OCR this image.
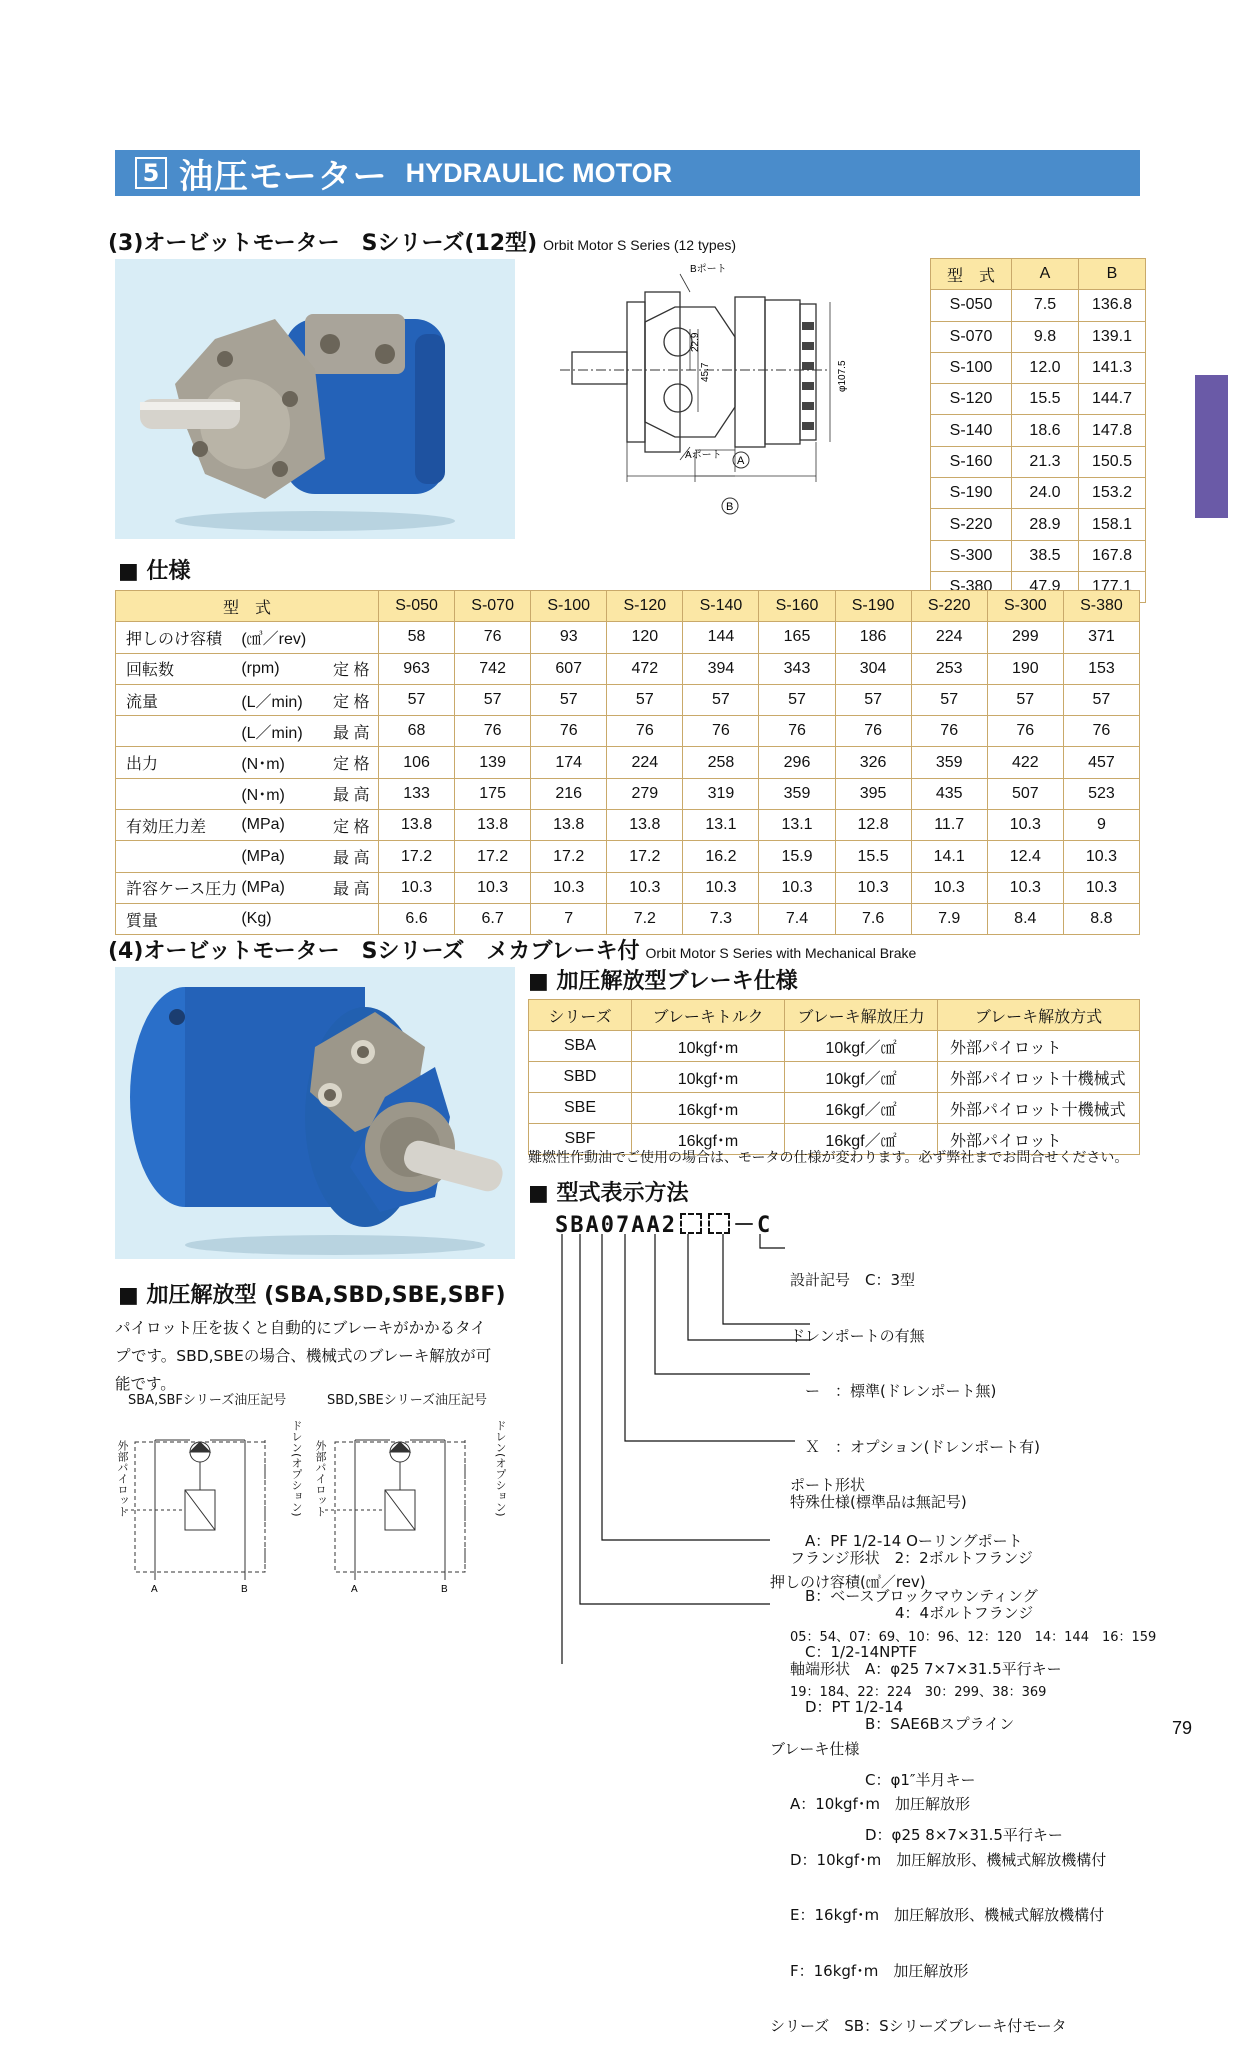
5 油圧モーター HYDRAULIC MOTOR
(3)オービットモーター　Sシリーズ(12型) Orbit Motor S Series (12 types)
Bポート
Aポート
22.9
45.7	φ107.5
A
B
型　式	A	B
S-050	7.5	136.8
S-070	9.8	139.1
S-100	12.0	141.3
S-120	15.5	144.7
S-140	18.6	147.8
S-160	21.3	150.5
S-190	24.0	153.2
S-220	28.9	158.1
S-300	38.5	167.8
S-380	47.9	177.1
■ 仕様
型　式			S-050	S-070	S-100	S-120	S-140	S-160	S-190	S-220	S-300	S-380
押しのけ容積	(㎤／rev)		58	76	93	120	144	165	186	224	299	371
回転数	(rpm)	定 格	963	742	607	472	394	343	304	253	190	153
流量	(L／min)	定 格	57	57	57	57	57	57	57	57	57	57
	(L／min)	最 高	68	76	76	76	76	76	76	76	76	76
出力	(N･m)	定 格	106	139	174	224	258	296	326	359	422	457
	(N･m)	最 高	133	175	216	279	319	359	395	435	507	523
有効圧力差	(MPa)	定 格	13.8	13.8	13.8	13.8	13.1	13.1	12.8	11.7	10.3	9
	(MPa)	最 高	17.2	17.2	17.2	17.2	16.2	15.9	15.5	14.1	12.4	10.3
許容ケース圧力	(MPa)	最 高	10.3	10.3	10.3	10.3	10.3	10.3	10.3	10.3	10.3	10.3
質量	(Kg)		6.6	6.7	7	7.2	7.3	7.4	7.6	7.9	8.4	8.8
(4)オービットモーター　Sシリーズ　メカブレーキ付 Orbit Motor S Series with Mechanical Brake
■ 加圧解放型ブレーキ仕様
シリーズ	ブレーキトルク	ブレーキ解放圧力	ブレーキ解放方式
SBA	10kgf･m	10kgf／㎠	外部パイロット
SBD	10kgf･m	10kgf／㎠	外部パイロット十機械式
SBE	16kgf･m	16kgf／㎠	外部パイロット十機械式
SBF	16kgf･m	16kgf／㎠	外部パイロット
難燃性作動油でご使用の場合は、モータの仕様が変わります。必ず弊社までお問合せください。
■ 型式表示方法
SBA07AA2	－C

設計記号　C：3型

ドレンポートの有無

　ー　：標準(ドレンポート無)

　Ｘ　：オプション(ドレンポート有)

特殊仕様(標準品は無記号)

フランジ形状　2：2ボルトフランジ

　　　　　　　4：4ボルトフランジ

軸端形状　A：φ25 7×7×31.5平行キー

　　　　　B：SAE6Bスプライン

　　　　　C：φ1″半月キー

　　　　　D：φ25 8×7×31.5平行キー

ポート形状

　A：PF 1/2-14 Oーリングポート

　B：ベースブロックマウンティング

　C：1/2-14NPTF

　D：PT 1/2-14

押しのけ容積(㎤／rev)

05：54、07：69、10：96、12：120　14：144　16：159

19：184、22：224　30：299、38：369

ブレーキ仕様

A：10kgf･m　加圧解放形

D：10kgf･m　加圧解放形、機械式解放機構付

E：16kgf･m　加圧解放形、機械式解放機構付

F：16kgf･m　加圧解放形

シリーズ　SB：Sシリーズブレーキ付モータ

■ 加圧解放型 (SBA,SBD,SBE,SBF)
パイロット圧を抜くと自動的にブレーキがかかるタイ
プです。SBD,SBEの場合、機械式のブレーキ解放が可
能です。
SBA,SBFシリーズ油圧記号	SBD,SBEシリーズ油圧記号
A	B	A	B
外部パイロット	外部パイロット
ドレン(オプション)	ドレン(オプション)
79
